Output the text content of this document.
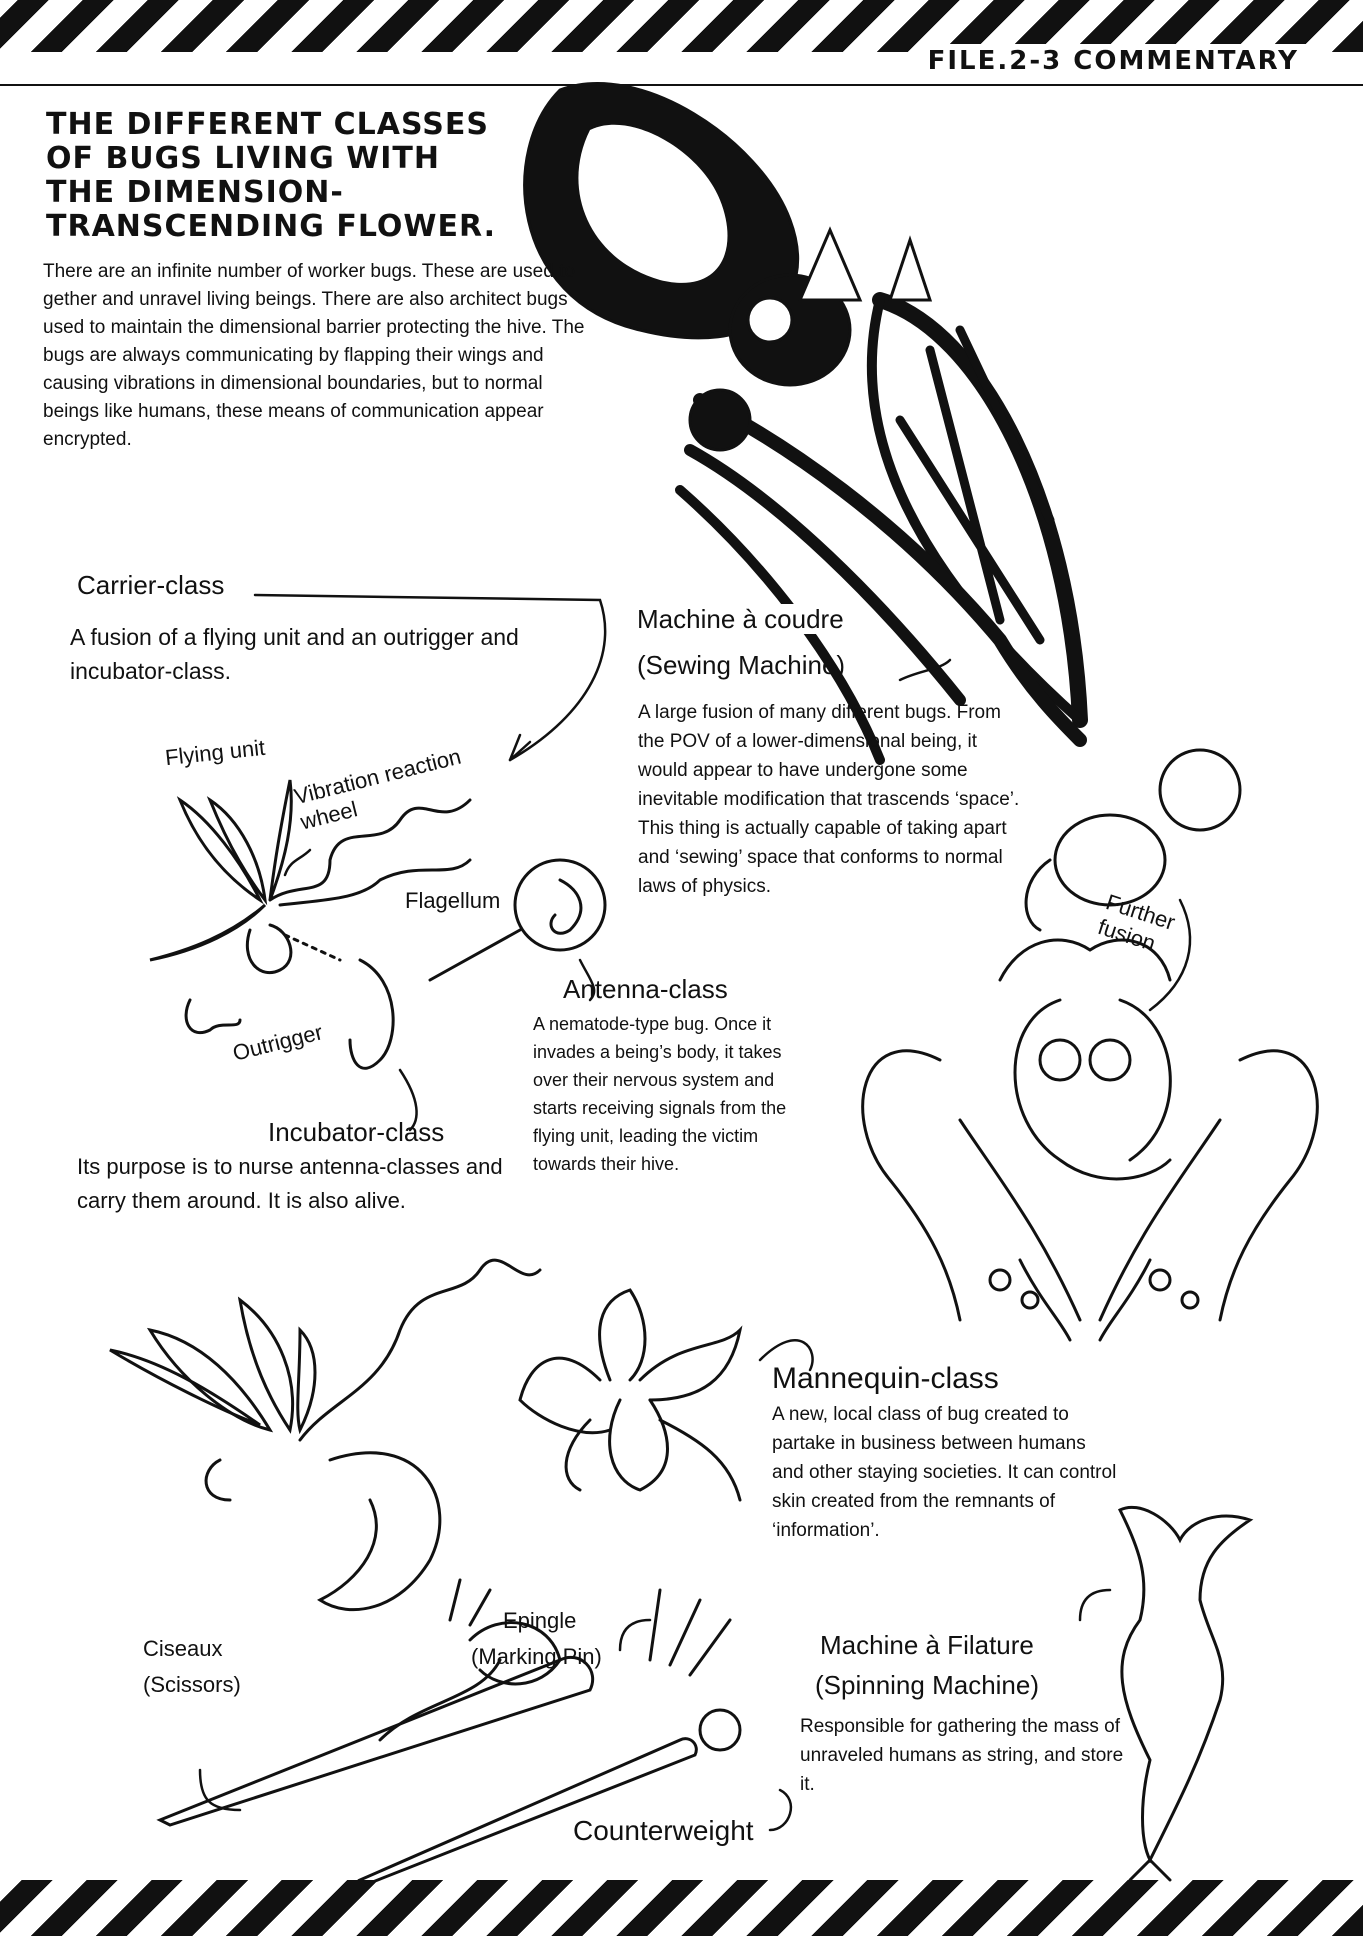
FILE.2-3 COMMENTARY
THE DIFFERENT CLASSES OF BUGS LIVING WITH THE DIMENSION-TRANSCENDING FLOWER.
There are an infinite number of worker bugs. These are used to gether and unravel living beings. There are also architect bugs used to maintain the dimensional barrier protecting the hive. The bugs are always communicating by flapping their wings and causing vibrations in dimensional boundaries, but to normal beings like humans, these means of communication appear encrypted.
Carrier-class
A fusion of a flying unit and an outrigger and incubator-class.
Flying unit Vibration reaction wheel
Flagellum
Outrigger
Incubator-class
Its purpose is to nurse antenna-classes and carry them around. It is also alive.
Antenna-class
A nematode-type bug. Once it invades a being’s body, it takes over their nervous system and starts receiving signals from the flying unit, leading the victim towards their hive.
Machine à coudre
(Sewing Machine)
A large fusion of many different bugs. From the POV of a lower-dimensional being, it would appear to have undergone some inevitable modification that trascends ‘space’. This thing is actually capable of taking apart and ‘sewing’ space that conforms to normal laws of physics.
Further fusion
Mannequin-class
A new, local class of bug created to partake in business between humans and other staying societies. It can control skin created from the remnants of ‘information’.
Ciseaux
(Scissors)
Epingle
(Marking Pin)	Machine à Filature
(Spinning Machine)
Responsible for gathering the mass of unraveled humans as string, and store it.
Counterweight
